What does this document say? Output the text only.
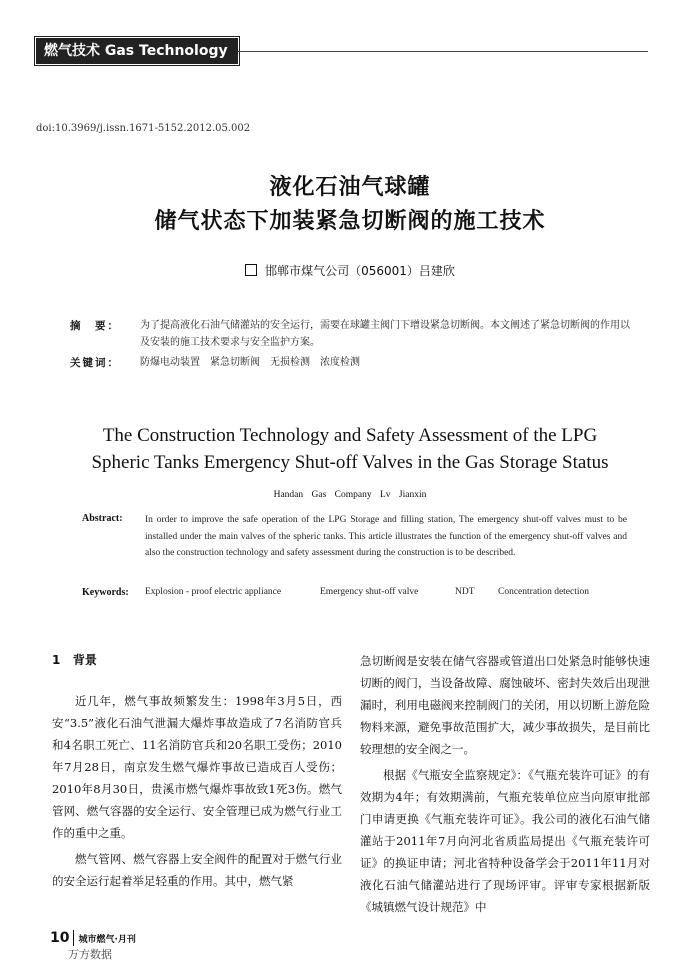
燃气技术 Gas Technology
doi:10.3969/j.issn.1671-5152.2012.05.002
液化石油气球罐
储气状态下加装紧急切断阀的施工技术
邯郸市煤气公司（056001）吕建欣
摘　要： 为了提高液化石油气储灌站的安全运行，需要在球罐主阀门下增设紧急切断阀。本文阐述了紧急切断阀的作用以及安装的施工技术要求与安全监护方案。
关键词： 防爆电动装置　紧急切断阀　无损检测　浓度检测
The Construction Technology and Safety Assessment of the LPG
Spheric Tanks Emergency Shut-off Valves in the Gas Storage Status
Handan Gas Company Lv Jianxin
Abstract: In order to improve the safe operation of the LPG Storage and filling station, The emergency shut-off valves must to be installed under the main valves of the spheric tanks. This article illustrates the function of the emergency shut-off valves and also the construction technology and safety assessment during the construction is to be described.
Keywords: Explosion - proof electric appliance	Emergency shut-off valve	NDT Concentration detection
1 背景

近几年，燃气事故频繁发生：1998年3月5日，西安“3.5”液化石油气泄漏大爆炸事故造成了7名消防官兵和4名职工死亡、11名消防官兵和20名职工受伤；2010年7月28日，南京发生燃气爆炸事故已造成百人受伤；2010年8月30日，贵溪市燃气爆炸事故致1死3伤。燃气管网、燃气容器的安全运行、安全管理已成为燃气行业工作的重中之重。

燃气管网、燃气容器上安全阀件的配置对于燃气行业的安全运行起着举足轻重的作用。其中，燃气紧

急切断阀是安装在储气容器或管道出口处紧急时能够快速切断的阀门，当设备故障、腐蚀破坏、密封失效后出现泄漏时，利用电磁阀来控制阀门的关闭，用以切断上游危险物料来源，避免事故范围扩大，减少事故损失，是目前比较理想的安全阀之一。

根据《气瓶安全监察规定》：《气瓶充装许可证》的有效期为4年；有效期满前，气瓶充装单位应当向原审批部门申请更换《气瓶充装许可证》。我公司的液化石油气储灌站于2011年7月向河北省质监局提出《气瓶充装许可证》的换证申请；河北省特种设备学会于2011年11月对液化石油气储灌站进行了现场评审。评审专家根据新版《城镇燃气设计规范》中

10 城市燃气·月刊
万方数据
